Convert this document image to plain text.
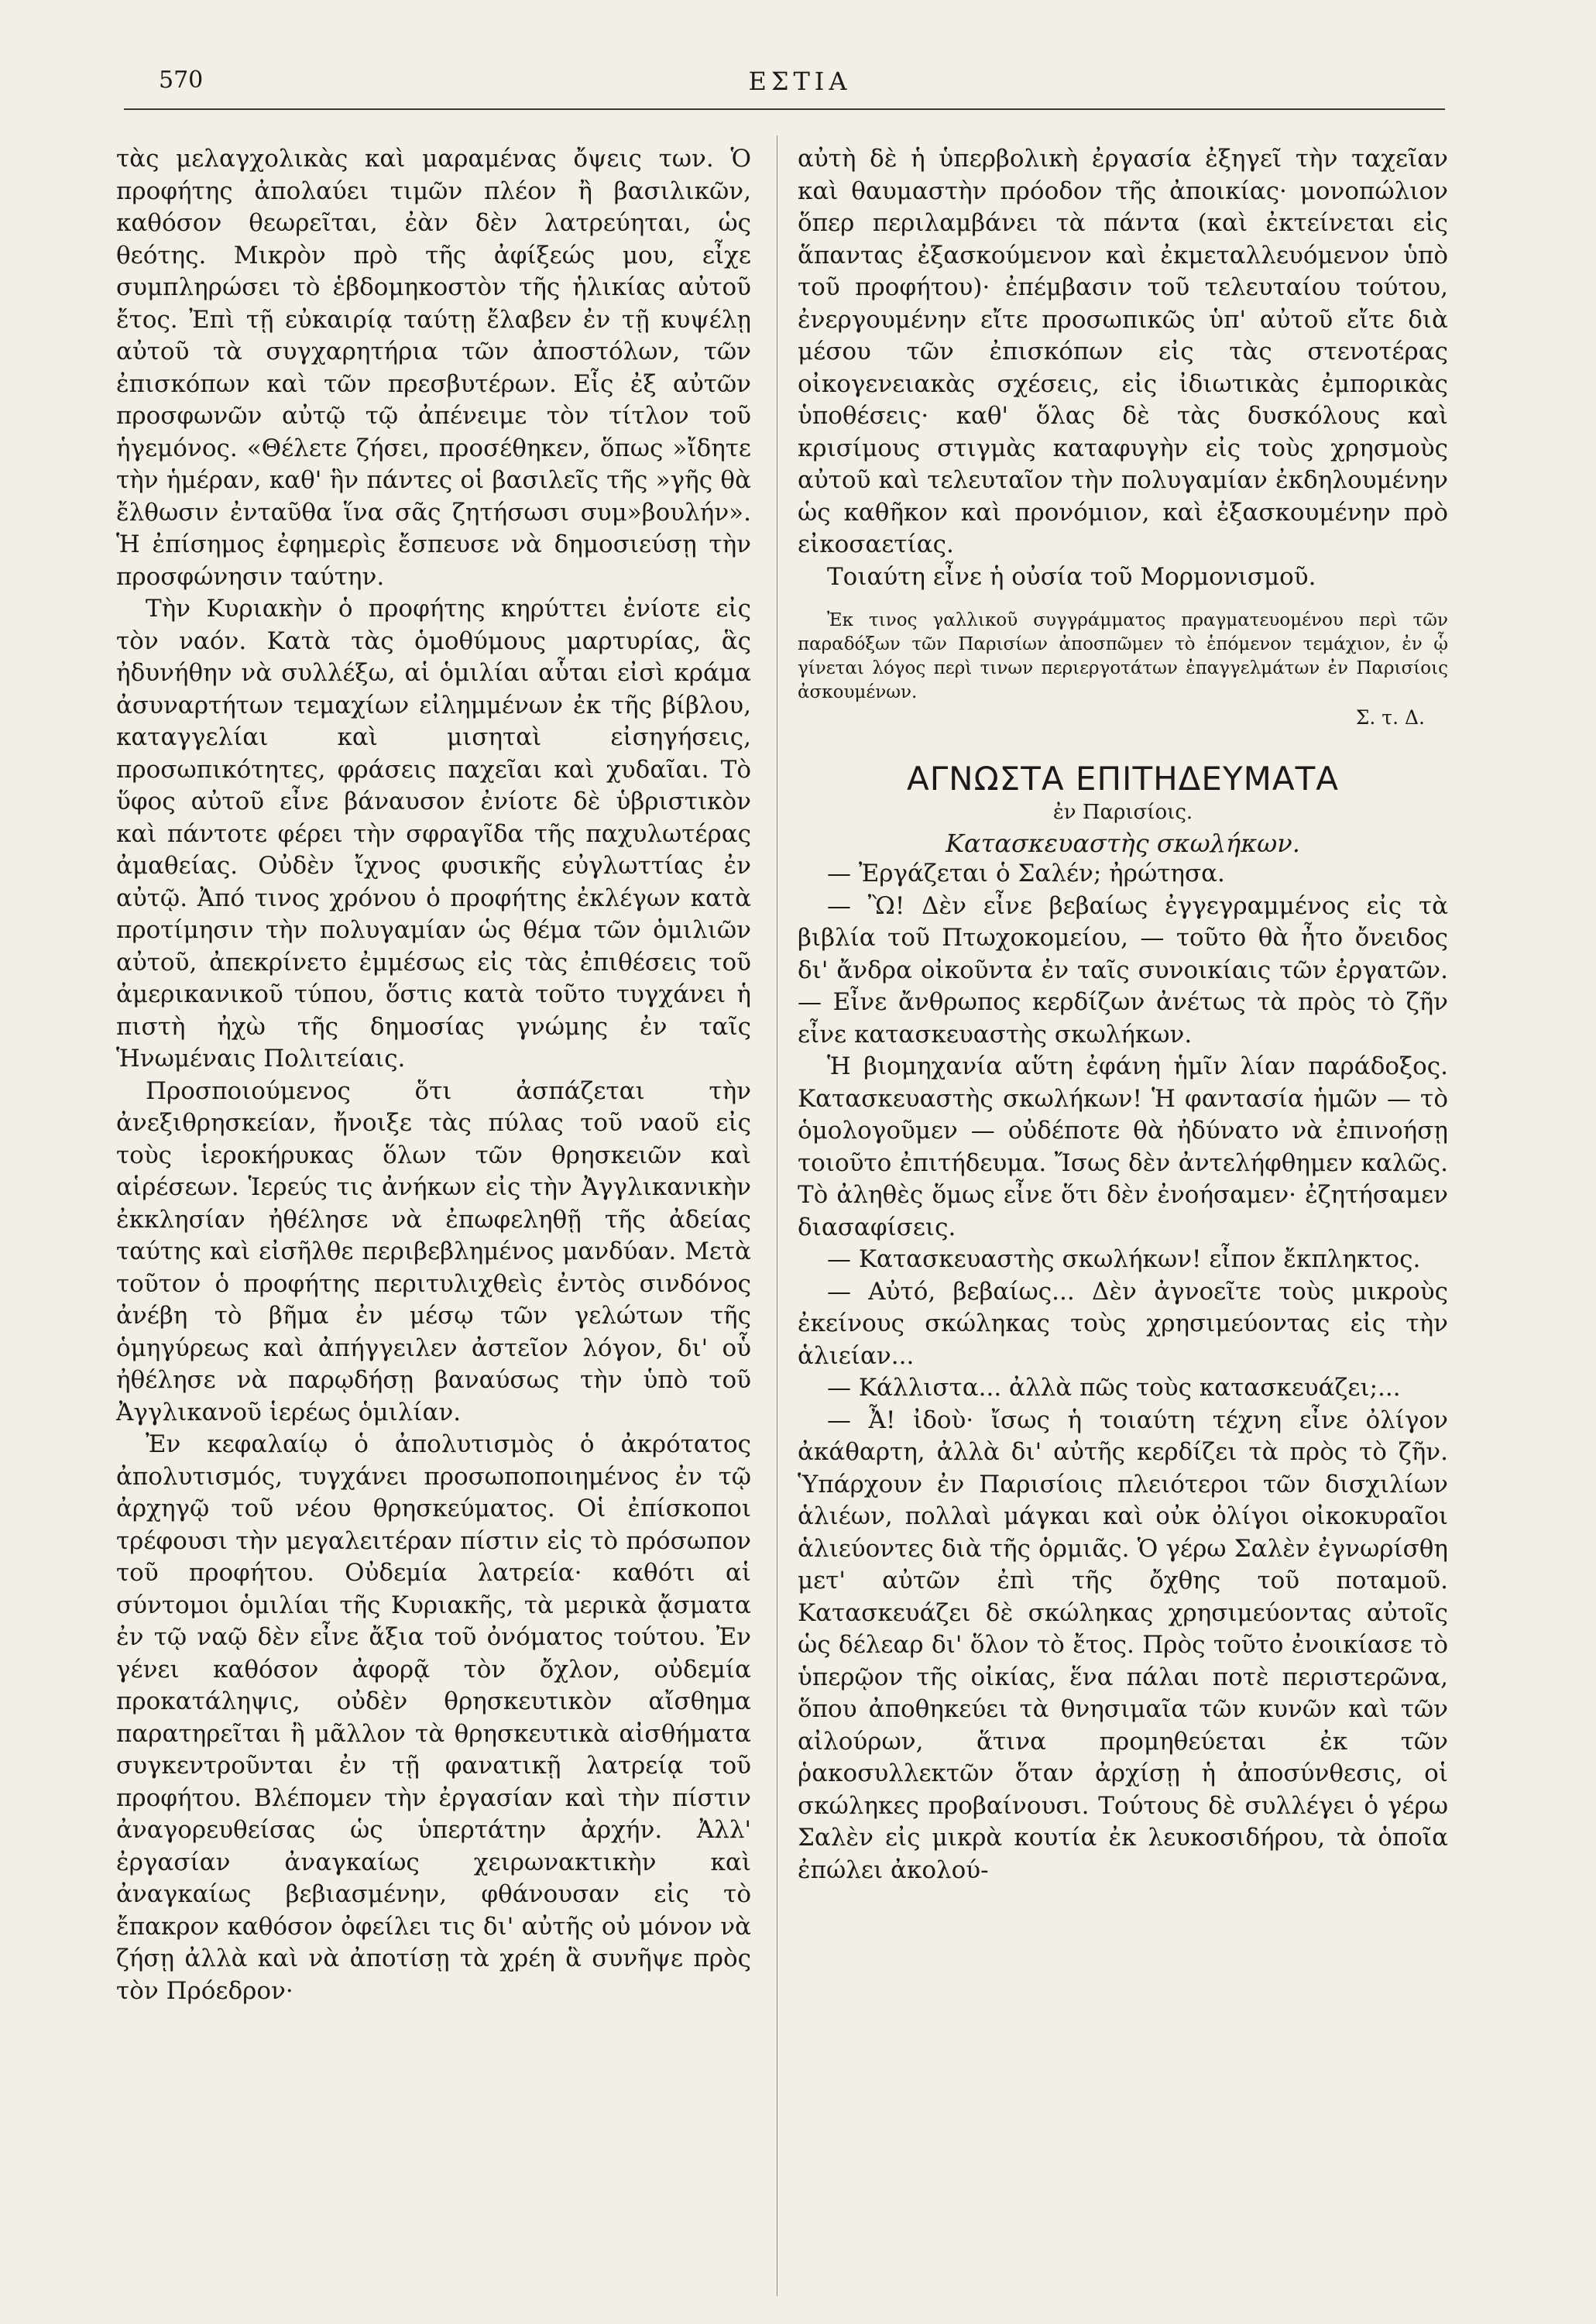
570	ΕΣΤΙΑ

τὰς μελαγχολικὰς καὶ μαραμένας ὄψεις των. Ὁ προφήτης ἀπολαύει τιμῶν πλέον ἢ βασιλικῶν, καθόσον θεωρεῖται, ἐὰν δὲν λατρεύηται, ὡς θεότης. Μικρὸν πρὸ τῆς ἀφίξεώς μου, εἶχε συμπληρώσει τὸ ἑβδομηκοστὸν τῆς ἡλικίας αὐτοῦ ἔτος. Ἐπὶ τῇ εὐκαιρίᾳ ταύτῃ ἔλαβεν ἐν τῇ κυψέλῃ αὐτοῦ τὰ συγχαρητήρια τῶν ἀποστόλων, τῶν ἐπισκόπων καὶ τῶν πρεσβυτέρων. Εἷς ἐξ αὐτῶν προσφωνῶν αὐτῷ τῷ ἀπένειμε τὸν τίτλον τοῦ ἡγεμόνος. «Θέλετε ζήσει, προσέθηκεν, ὅπως »ἴδητε τὴν ἡμέραν, καθ' ἣν πάντες οἱ βασιλεῖς τῆς »γῆς θὰ ἔλθωσιν ἐνταῦθα ἵνα σᾶς ζητήσωσι συμ»βουλήν». Ἡ ἐπίσημος ἐφημερὶς ἔσπευσε νὰ δημοσιεύσῃ τὴν προσφώνησιν ταύτην.

Τὴν Κυριακὴν ὁ προφήτης κηρύττει ἐνίοτε εἰς τὸν ναόν. Κατὰ τὰς ὁμοθύμους μαρτυρίας, ἃς ἠδυνήθην νὰ συλλέξω, αἱ ὁμιλίαι αὗται εἰσὶ κράμα ἀσυναρτήτων τεμαχίων εἰλημμένων ἐκ τῆς βίβλου, καταγγελίαι καὶ μισηταὶ εἰσηγήσεις, προσωπικότητες, φράσεις παχεῖαι καὶ χυδαῖαι. Τὸ ὕφος αὐτοῦ εἶνε βάναυσον ἐνίοτε δὲ ὑβριστικὸν καὶ πάντοτε φέρει τὴν σφραγῖδα τῆς παχυλωτέρας ἀμαθείας. Οὐδὲν ἴχνος φυσικῆς εὐγλωττίας ἐν αὐτῷ. Ἀπό τινος χρόνου ὁ προφήτης ἐκλέγων κατὰ προτίμησιν τὴν πολυγαμίαν ὡς θέμα τῶν ὁμιλιῶν αὐτοῦ, ἀπεκρίνετο ἐμμέσως εἰς τὰς ἐπιθέσεις τοῦ ἀμερικανικοῦ τύπου, ὅστις κατὰ τοῦτο τυγχάνει ἡ πιστὴ ἠχὼ τῆς δημοσίας γνώμης ἐν ταῖς Ἡνωμέναις Πολιτείαις.

Προσποιούμενος ὅτι ἀσπάζεται τὴν ἀνεξιθρησκείαν, ἤνοιξε τὰς πύλας τοῦ ναοῦ εἰς τοὺς ἱεροκήρυκας ὅλων τῶν θρησκειῶν καὶ αἱρέσεων. Ἱερεύς τις ἀνήκων εἰς τὴν Ἀγγλικανικὴν ἐκκλησίαν ἠθέλησε νὰ ἐπωφεληθῇ τῆς ἀδείας ταύτης καὶ εἰσῆλθε περιβεβλημένος μανδύαν. Μετὰ τοῦτον ὁ προφήτης περιτυλιχθεὶς ἐντὸς σινδόνος ἀνέβη τὸ βῆμα ἐν μέσῳ τῶν γελώτων τῆς ὁμηγύρεως καὶ ἀπήγγειλεν ἀστεῖον λόγον, δι' οὗ ἠθέλησε νὰ παρῳδήσῃ βαναύσως τὴν ὑπὸ τοῦ Ἀγγλικανοῦ ἱερέως ὁμιλίαν.

Ἐν κεφαλαίῳ ὁ ἀπολυτισμὸς ὁ ἀκρότατος ἀπολυτισμός, τυγχάνει προσωποποιημένος ἐν τῷ ἀρχηγῷ τοῦ νέου θρησκεύματος. Οἱ ἐπίσκοποι τρέφουσι τὴν μεγαλειτέραν πίστιν εἰς τὸ πρόσωπον τοῦ προφήτου. Οὐδεμία λατρεία· καθότι αἱ σύντομοι ὁμιλίαι τῆς Κυριακῆς, τὰ μερικὰ ᾄσματα ἐν τῷ ναῷ δὲν εἶνε ἄξια τοῦ ὀνόματος τούτου. Ἐν γένει καθόσον ἀφορᾷ τὸν ὄχλον, οὐδεμία προκατάληψις, οὐδὲν θρησκευτικὸν αἴσθημα παρατηρεῖται ἢ μᾶλλον τὰ θρησκευτικὰ αἰσθήματα συγκεντροῦνται ἐν τῇ φανατικῇ λατρείᾳ τοῦ προφήτου. Βλέπομεν τὴν ἐργασίαν καὶ τὴν πίστιν ἀναγορευθείσας ὡς ὑπερτάτην ἀρχήν. Ἀλλ' ἐργασίαν ἀναγκαίως χειρωνακτικὴν καὶ ἀναγκαίως βεβιασμένην, φθάνουσαν εἰς τὸ ἔπακρον καθόσον ὀφείλει τις δι' αὐτῆς οὐ μόνον νὰ ζήσῃ ἀλλὰ καὶ νὰ ἀποτίσῃ τὰ χρέη ἃ συνῆψε πρὸς τὸν Πρόεδρον·

αὐτὴ δὲ ἡ ὑπερβολικὴ ἐργασία ἐξηγεῖ τὴν ταχεῖαν καὶ θαυμαστὴν πρόοδον τῆς ἀποικίας· μονοπώλιον ὅπερ περιλαμβάνει τὰ πάντα (καὶ ἐκτείνεται εἰς ἅπαντας ἐξασκούμενον καὶ ἐκμεταλλευόμενον ὑπὸ τοῦ προφήτου)· ἐπέμβασιν τοῦ τελευταίου τούτου, ἐνεργουμένην εἴτε προσωπικῶς ὑπ' αὐτοῦ εἴτε διὰ μέσου τῶν ἐπισκόπων εἰς τὰς στενοτέρας οἰκογενειακὰς σχέσεις, εἰς ἰδιωτικὰς ἐμπορικὰς ὑποθέσεις· καθ' ὅλας δὲ τὰς δυσκόλους καὶ κρισίμους στιγμὰς καταφυγὴν εἰς τοὺς χρησμοὺς αὐτοῦ καὶ τελευταῖον τὴν πολυγαμίαν ἐκδηλουμένην ὡς καθῆκον καὶ προνόμιον, καὶ ἐξασκουμένην πρὸ εἰκοσαετίας.

Τοιαύτη εἶνε ἡ οὐσία τοῦ Μορμονισμοῦ.

Ἐκ τινος γαλλικοῦ συγγράμματος πραγματευομένου περὶ τῶν παραδόξων τῶν Παρισίων ἀποσπῶμεν τὸ ἑπόμενον τεμάχιον, ἐν ᾧ γίνεται λόγος περὶ τινων περιεργοτάτων ἐπαγγελμάτων ἐν Παρισίοις ἀσκουμένων.

Σ. τ. Δ.
ΑΓΝΩΣΤΑ ΕΠΙΤΗΔΕΥΜΑΤΑ
ἐν Παρισίοις.
Κατασκευαστὴς σκωλήκων.

— Ἐργάζεται ὁ Σαλέν; ἠρώτησα.

— Ὢ! Δὲν εἶνε βεβαίως ἐγγεγραμμένος εἰς τὰ βιβλία τοῦ Πτωχοκομείου, — τοῦτο θὰ ἦτο ὄνειδος δι' ἄνδρα οἰκοῦντα ἐν ταῖς συνοικίαις τῶν ἐργατῶν. — Εἶνε ἄνθρωπος κερδίζων ἀνέτως τὰ πρὸς τὸ ζῆν εἶνε κατασκευαστὴς σκωλήκων.

Ἡ βιομηχανία αὕτη ἐφάνη ἡμῖν λίαν παράδοξος. Κατασκευαστὴς σκωλήκων! Ἡ φαντασία ἡμῶν — τὸ ὁμολογοῦμεν — οὐδέποτε θὰ ἠδύνατο νὰ ἐπινοήσῃ τοιοῦτο ἐπιτήδευμα. Ἴσως δὲν ἀντελήφθημεν καλῶς. Τὸ ἀληθὲς ὅμως εἶνε ὅτι δὲν ἐνοήσαμεν· ἐζητήσαμεν διασαφίσεις.

— Κατασκευαστὴς σκωλήκων! εἶπον ἔκπληκτος.

— Αὐτό, βεβαίως... Δὲν ἀγνοεῖτε τοὺς μικροὺς ἐκείνους σκώληκας τοὺς χρησιμεύοντας εἰς τὴν ἁλιείαν...

— Κάλλιστα... ἀλλὰ πῶς τοὺς κατασκευάζει;...

— Ἆ! ἰδοὺ· ἴσως ἡ τοιαύτη τέχνη εἶνε ὀλίγον ἀκάθαρτη, ἀλλὰ δι' αὐτῆς κερδίζει τὰ πρὸς τὸ ζῆν. Ὑπάρχουν ἐν Παρισίοις πλειότεροι τῶν δισχιλίων ἁλιέων, πολλαὶ μάγκαι καὶ οὐκ ὀλίγοι οἰκοκυραῖοι ἁλιεύοντες διὰ τῆς ὁρμιᾶς. Ὁ γέρω Σαλὲν ἐγνωρίσθη μετ' αὐτῶν ἐπὶ τῆς ὄχθης τοῦ ποταμοῦ. Κατασκευάζει δὲ σκώληκας χρησιμεύοντας αὐτοῖς ὡς δέλεαρ δι' ὅλον τὸ ἔτος. Πρὸς τοῦτο ἐνοικίασε τὸ ὑπερῷον τῆς οἰκίας, ἕνα πάλαι ποτὲ περιστερῶνα, ὅπου ἀποθηκεύει τὰ θνησιμαῖα τῶν κυνῶν καὶ τῶν αἰλούρων, ἅτινα προμηθεύεται ἐκ τῶν ῥακοσυλλεκτῶν ὅταν ἀρχίσῃ ἡ ἀποσύνθεσις, οἱ σκώληκες προβαίνουσι. Τούτους δὲ συλλέγει ὁ γέρω Σαλὲν εἰς μικρὰ κουτία ἐκ λευκοσιδήρου, τὰ ὁποῖα ἐπώλει ἀκολού-
